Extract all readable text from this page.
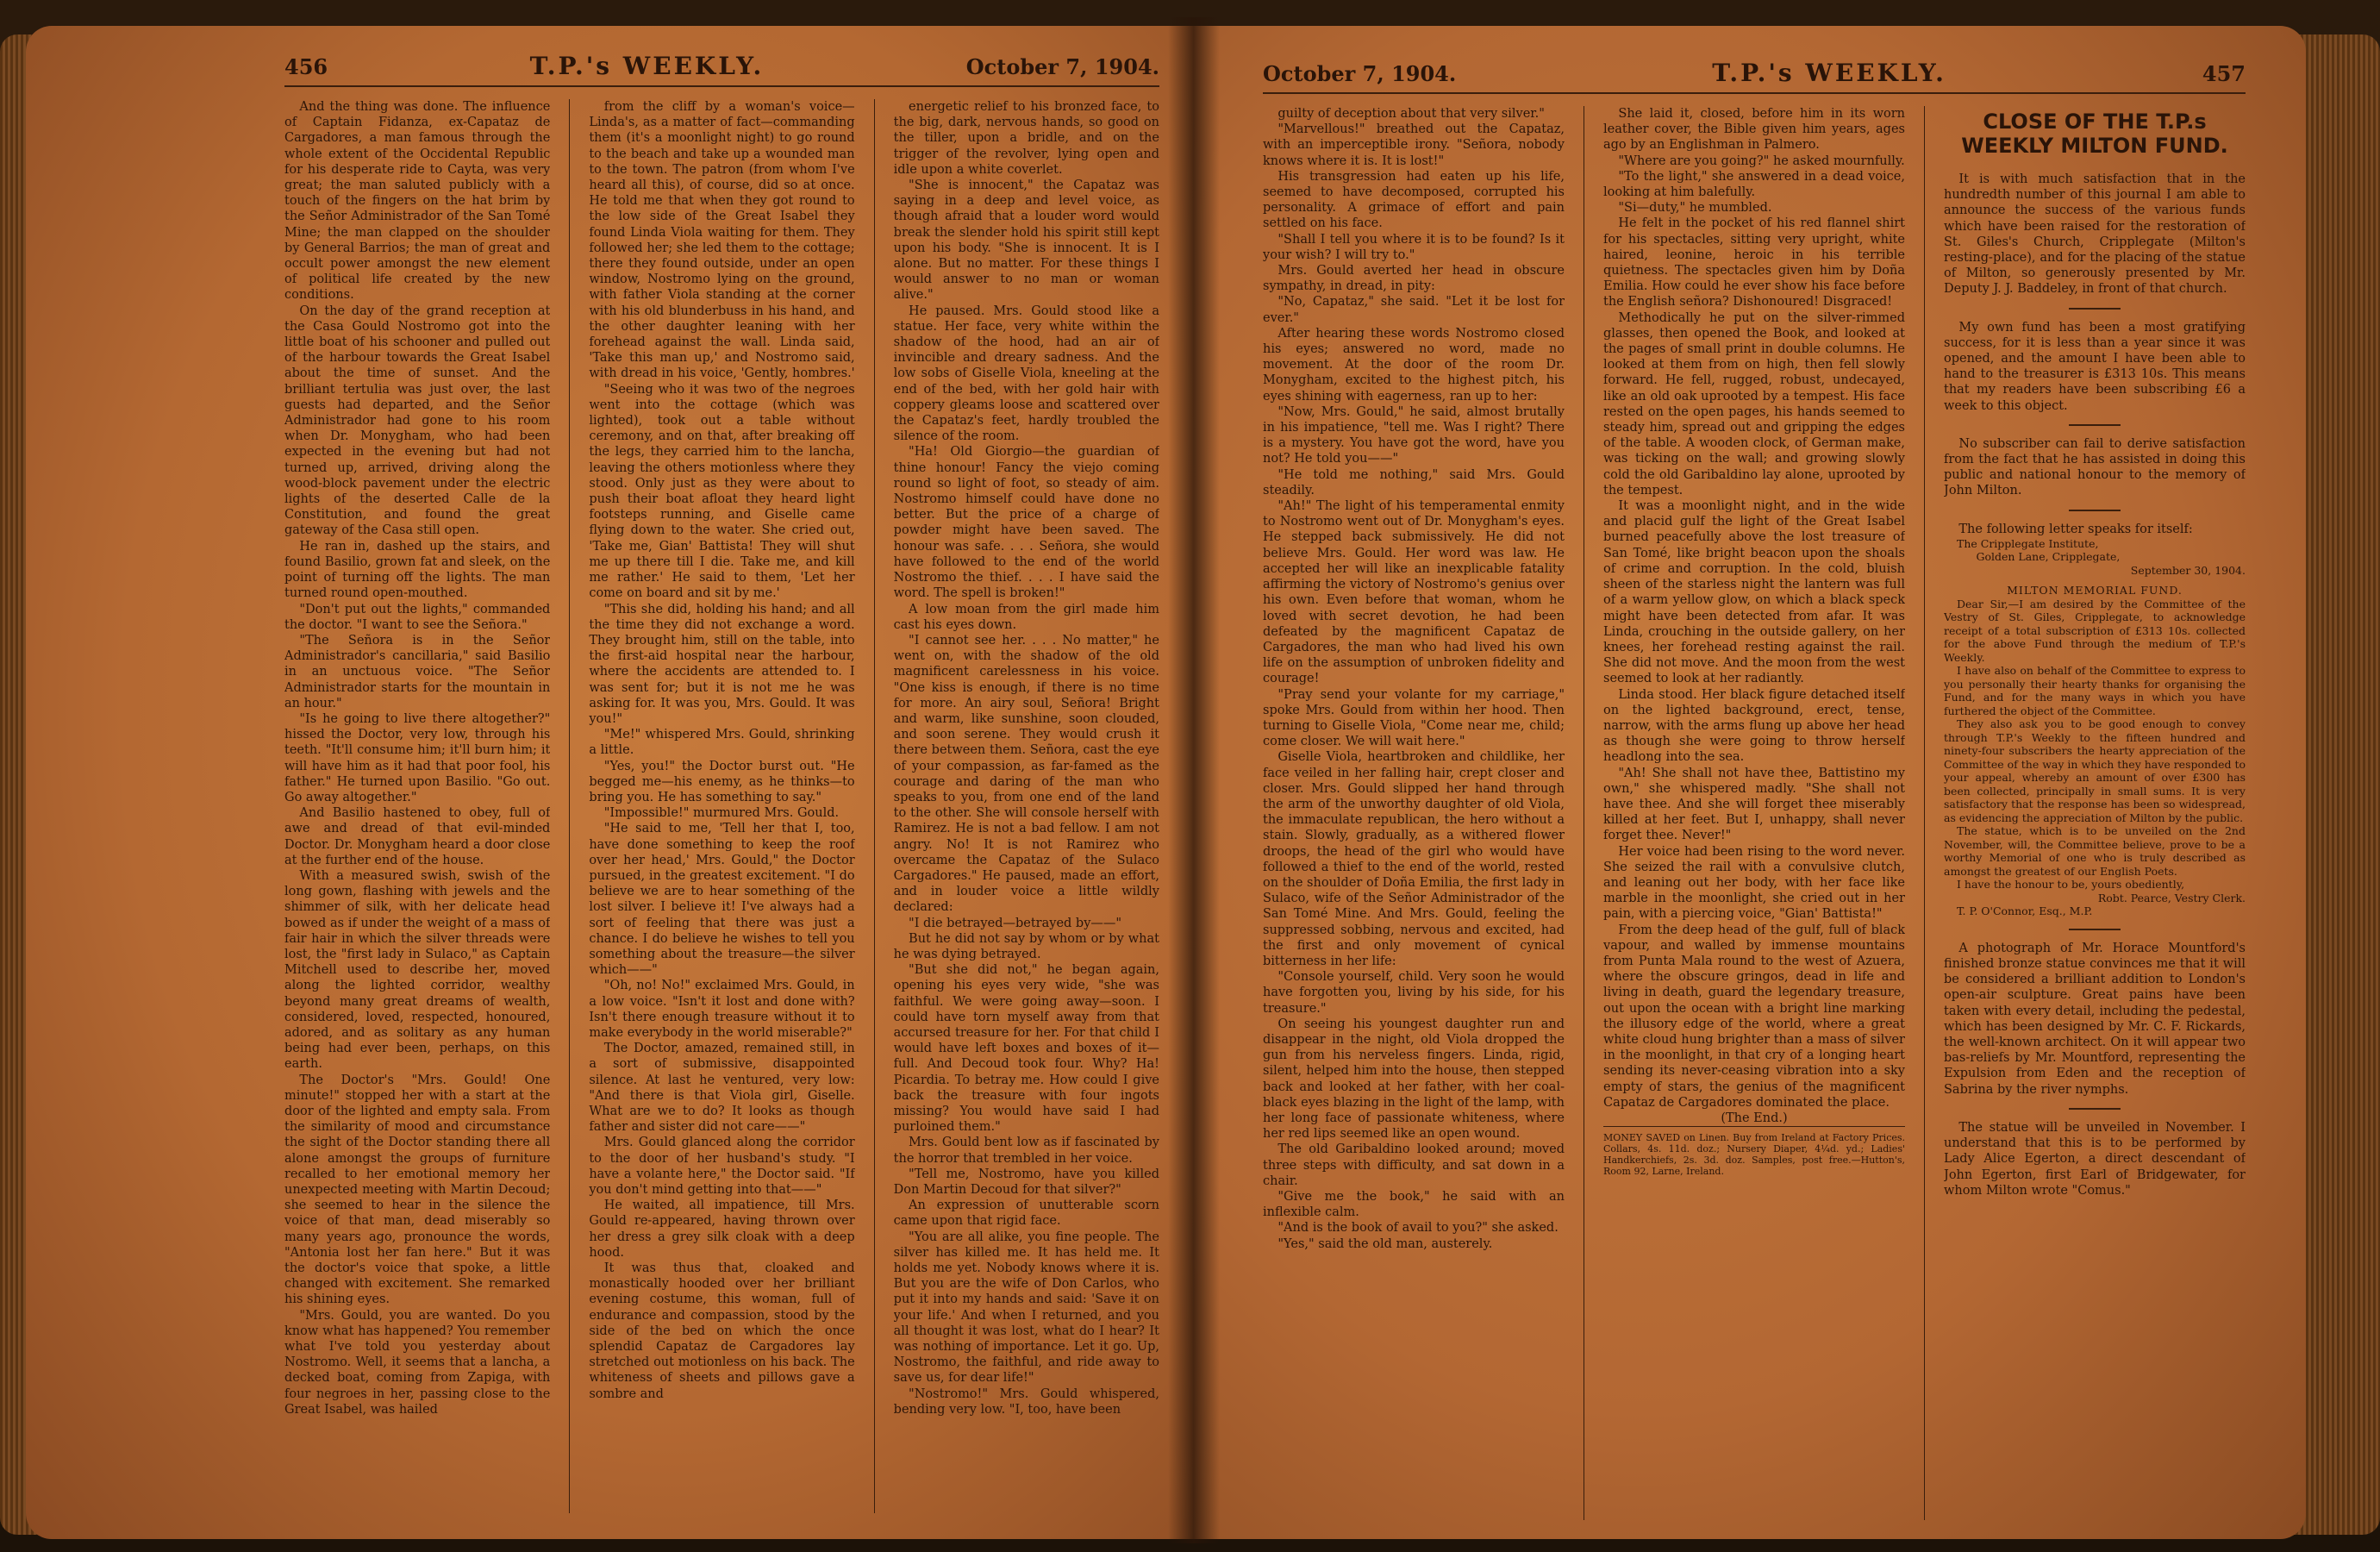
456	T.P.'s WEEKLY.	October 7, 1904.

And the thing was done. The influence of Captain Fidanza, ex-Capataz de Cargadores, a man famous through the whole extent of the Occidental Republic for his desperate ride to Cayta, was very great; the man saluted publicly with a touch of the fingers on the hat brim by the Señor Administrador of the San Tomé Mine; the man clapped on the shoulder by General Barrios; the man of great and occult power amongst the new element of political life created by the new conditions.

On the day of the grand reception at the Casa Gould Nostromo got into the little boat of his schooner and pulled out of the harbour towards the Great Isabel about the time of sunset. And the brilliant tertulia was just over, the last guests had departed, and the Señor Administrador had gone to his room when Dr. Monygham, who had been expected in the evening but had not turned up, arrived, driving along the wood-block pavement under the electric lights of the deserted Calle de la Constitution, and found the great gateway of the Casa still open.

He ran in, dashed up the stairs, and found Basilio, grown fat and sleek, on the point of turning off the lights. The man turned round open-mouthed.

"Don't put out the lights," commanded the doctor. "I want to see the Señora."

"The Señora is in the Señor Administrador's cancillaria," said Basilio in an unctuous voice. "The Señor Administrador starts for the mountain in an hour."

"Is he going to live there altogether?" hissed the Doctor, very low, through his teeth. "It'll consume him; it'll burn him; it will have him as it had that poor fool, his father." He turned upon Basilio. "Go out. Go away altogether."

And Basilio hastened to obey, full of awe and dread of that evil-minded Doctor. Dr. Monygham heard a door close at the further end of the house.

With a measured swish, swish of the long gown, flashing with jewels and the shimmer of silk, with her delicate head bowed as if under the weight of a mass of fair hair in which the silver threads were lost, the "first lady in Sulaco," as Captain Mitchell used to describe her, moved along the lighted corridor, wealthy beyond many great dreams of wealth, considered, loved, respected, honoured, adored, and as solitary as any human being had ever been, perhaps, on this earth.

The Doctor's "Mrs. Gould! One minute!" stopped her with a start at the door of the lighted and empty sala. From the similarity of mood and circumstance the sight of the Doctor standing there all alone amongst the groups of furniture recalled to her emotional memory her unexpected meeting with Martin Decoud; she seemed to hear in the silence the voice of that man, dead miserably so many years ago, pronounce the words, "Antonia lost her fan here." But it was the doctor's voice that spoke, a little changed with excitement. She remarked his shining eyes.

"Mrs. Gould, you are wanted. Do you know what has happened? You remember what I've told you yesterday about Nostromo. Well, it seems that a lancha, a decked boat, coming from Zapiga, with four negroes in her, passing close to the Great Isabel, was hailed

from the cliff by a woman's voice—Linda's, as a matter of fact—commanding them (it's a moonlight night) to go round to the beach and take up a wounded man to the town. The patron (from whom I've heard all this), of course, did so at once. He told me that when they got round to the low side of the Great Isabel they found Linda Viola waiting for them. They followed her; she led them to the cottage; there they found outside, under an open window, Nostromo lying on the ground, with father Viola standing at the corner with his old blunderbuss in his hand, and the other daughter leaning with her forehead against the wall. Linda said, 'Take this man up,' and Nostromo said, with dread in his voice, 'Gently, hombres.'

"Seeing who it was two of the negroes went into the cottage (which was lighted), took out a table without ceremony, and on that, after breaking off the legs, they carried him to the lancha, leaving the others motionless where they stood. Only just as they were about to push their boat afloat they heard light footsteps running, and Giselle came flying down to the water. She cried out, 'Take me, Gian' Battista! They will shut me up there till I die. Take me, and kill me rather.' He said to them, 'Let her come on board and sit by me.'

"This she did, holding his hand; and all the time they did not exchange a word. They brought him, still on the table, into the first-aid hospital near the harbour, where the accidents are attended to. I was sent for; but it is not me he was asking for. It was you, Mrs. Gould. It was you!"

"Me!" whispered Mrs. Gould, shrinking a little.

"Yes, you!" the Doctor burst out. "He begged me—his enemy, as he thinks—to bring you. He has something to say."

"Impossible!" murmured Mrs. Gould.

"He said to me, 'Tell her that I, too, have done something to keep the roof over her head,' Mrs. Gould," the Doctor pursued, in the greatest excitement. "I do believe we are to hear something of the lost silver. I believe it! I've always had a sort of feeling that there was just a chance. I do believe he wishes to tell you something about the treasure—the silver which——"

"Oh, no! No!" exclaimed Mrs. Gould, in a low voice. "Isn't it lost and done with? Isn't there enough treasure without it to make everybody in the world miserable?"

The Doctor, amazed, remained still, in a sort of submissive, disappointed silence. At last he ventured, very low: "And there is that Viola girl, Giselle. What are we to do? It looks as though father and sister did not care——"

Mrs. Gould glanced along the corridor to the door of her husband's study. "I have a volante here," the Doctor said. "If you don't mind getting into that——"

He waited, all impatience, till Mrs. Gould re-appeared, having thrown over her dress a grey silk cloak with a deep hood.

It was thus that, cloaked and monastically hooded over her brilliant evening costume, this woman, full of endurance and compassion, stood by the side of the bed on which the once splendid Capataz de Cargadores lay stretched out motionless on his back. The whiteness of sheets and pillows gave a sombre and

energetic relief to his bronzed face, to the big, dark, nervous hands, so good on the tiller, upon a bridle, and on the trigger of the revolver, lying open and idle upon a white coverlet.

"She is innocent," the Capataz was saying in a deep and level voice, as though afraid that a louder word would break the slender hold his spirit still kept upon his body. "She is innocent. It is I alone. But no matter. For these things I would answer to no man or woman alive."

He paused. Mrs. Gould stood like a statue. Her face, very white within the shadow of the hood, had an air of invincible and dreary sadness. And the low sobs of Giselle Viola, kneeling at the end of the bed, with her gold hair with coppery gleams loose and scattered over the Capataz's feet, hardly troubled the silence of the room.

"Ha! Old Giorgio—the guardian of thine honour! Fancy the viejo coming round so light of foot, so steady of aim. Nostromo himself could have done no better. But the price of a charge of powder might have been saved. The honour was safe. . . . Señora, she would have followed to the end of the world Nostromo the thief. . . . I have said the word. The spell is broken!"

A low moan from the girl made him cast his eyes down.

"I cannot see her. . . . No matter," he went on, with the shadow of the old magnificent carelessness in his voice. "One kiss is enough, if there is no time for more. An airy soul, Señora! Bright and warm, like sunshine, soon clouded, and soon serene. They would crush it there between them. Señora, cast the eye of your compassion, as far-famed as the courage and daring of the man who speaks to you, from one end of the land to the other. She will console herself with Ramirez. He is not a bad fellow. I am not angry. No! It is not Ramirez who overcame the Capataz of the Sulaco Cargadores." He paused, made an effort, and in louder voice a little wildly declared:

"I die betrayed—betrayed by——"

But he did not say by whom or by what he was dying betrayed.

"But she did not," he began again, opening his eyes very wide, "she was faithful. We were going away—soon. I could have torn myself away from that accursed treasure for her. For that child I would have left boxes and boxes of it—full. And Decoud took four. Why? Ha! Picardia. To betray me. How could I give back the treasure with four ingots missing? You would have said I had purloined them."

Mrs. Gould bent low as if fascinated by the horror that trembled in her voice.

"Tell me, Nostromo, have you killed Don Martin Decoud for that silver?"

An expression of unutterable scorn came upon that rigid face.

"You are all alike, you fine people. The silver has killed me. It has held me. It holds me yet. Nobody knows where it is. But you are the wife of Don Carlos, who put it into my hands and said: 'Save it on your life.' And when I returned, and you all thought it was lost, what do I hear? It was nothing of importance. Let it go. Up, Nostromo, the faithful, and ride away to save us, for dear life!"

"Nostromo!" Mrs. Gould whispered, bending very low. "I, too, have been

October 7, 1904.	T.P.'s WEEKLY.	457

guilty of deception about that very silver."

"Marvellous!" breathed out the Capataz, with an imperceptible irony. "Señora, nobody knows where it is. It is lost!"

His transgression had eaten up his life, seemed to have decomposed, corrupted his personality. A grimace of effort and pain settled on his face.

"Shall I tell you where it is to be found? Is it your wish? I will try to."

Mrs. Gould averted her head in obscure sympathy, in dread, in pity:

"No, Capataz," she said. "Let it be lost for ever."

After hearing these words Nostromo closed his eyes; answered no word, made no movement. At the door of the room Dr. Monygham, excited to the highest pitch, his eyes shining with eagerness, ran up to her:

"Now, Mrs. Gould," he said, almost brutally in his impatience, "tell me. Was I right? There is a mystery. You have got the word, have you not? He told you——"

"He told me nothing," said Mrs. Gould steadily.

"Ah!" The light of his temperamental enmity to Nostromo went out of Dr. Monygham's eyes. He stepped back submissively. He did not believe Mrs. Gould. Her word was law. He accepted her will like an inexplicable fatality affirming the victory of Nostromo's genius over his own. Even before that woman, whom he loved with secret devotion, he had been defeated by the magnificent Capataz de Cargadores, the man who had lived his own life on the assumption of unbroken fidelity and courage!

"Pray send your volante for my carriage," spoke Mrs. Gould from within her hood. Then turning to Giselle Viola, "Come near me, child; come closer. We will wait here."

Giselle Viola, heartbroken and childlike, her face veiled in her falling hair, crept closer and closer. Mrs. Gould slipped her hand through the arm of the unworthy daughter of old Viola, the immaculate republican, the hero without a stain. Slowly, gradually, as a withered flower droops, the head of the girl who would have followed a thief to the end of the world, rested on the shoulder of Doña Emilia, the first lady in Sulaco, wife of the Señor Administrador of the San Tomé Mine. And Mrs. Gould, feeling the suppressed sobbing, nervous and excited, had the first and only movement of cynical bitterness in her life:

"Console yourself, child. Very soon he would have forgotten you, living by his side, for his treasure."

On seeing his youngest daughter run and disappear in the night, old Viola dropped the gun from his nerveless fingers. Linda, rigid, silent, helped him into the house, then stepped back and looked at her father, with her coal-black eyes blazing in the light of the lamp, with her long face of passionate whiteness, where her red lips seemed like an open wound.

The old Garibaldino looked around; moved three steps with difficulty, and sat down in a chair.

"Give me the book," he said with an inflexible calm.

"And is the book of avail to you?" she asked.

"Yes," said the old man, austerely.

She laid it, closed, before him in its worn leather cover, the Bible given him years, ages ago by an Englishman in Palmero.

"Where are you going?" he asked mournfully.

"To the light," she answered in a dead voice, looking at him balefully.

"Si—duty," he mumbled.

He felt in the pocket of his red flannel shirt for his spectacles, sitting very upright, white haired, leonine, heroic in his terrible quietness. The spectacles given him by Doña Emilia. How could he ever show his face before the English señora? Dishonoured! Disgraced!

Methodically he put on the silver-rimmed glasses, then opened the Book, and looked at the pages of small print in double columns. He looked at them from on high, then fell slowly forward. He fell, rugged, robust, undecayed, like an old oak uprooted by a tempest. His face rested on the open pages, his hands seemed to steady him, spread out and gripping the edges of the table. A wooden clock, of German make, was ticking on the wall; and growing slowly cold the old Garibaldino lay alone, uprooted by the tempest.

It was a moonlight night, and in the wide and placid gulf the light of the Great Isabel burned peacefully above the lost treasure of San Tomé, like bright beacon upon the shoals of crime and corruption. In the cold, bluish sheen of the starless night the lantern was full of a warm yellow glow, on which a black speck might have been detected from afar. It was Linda, crouching in the outside gallery, on her knees, her forehead resting against the rail. She did not move. And the moon from the west seemed to look at her radiantly.

Linda stood. Her black figure detached itself on the lighted background, erect, tense, narrow, with the arms flung up above her head as though she were going to throw herself headlong into the sea.

"Ah! She shall not have thee, Battistino my own," she whispered madly. "She shall not have thee. And she will forget thee miserably killed at her feet. But I, unhappy, shall never forget thee. Never!"

Her voice had been rising to the word never. She seized the rail with a convulsive clutch, and leaning out her body, with her face like marble in the moonlight, she cried out in her pain, with a piercing voice, "Gian' Battista!"

From the deep head of the gulf, full of black vapour, and walled by immense mountains from Punta Mala round to the west of Azuera, where the obscure gringos, dead in life and living in death, guard the legendary treasure, out upon the ocean with a bright line marking the illusory edge of the world, where a great white cloud hung brighter than a mass of silver in the moonlight, in that cry of a longing heart sending its never-ceasing vibration into a sky empty of stars, the genius of the magnificent Capataz de Cargadores dominated the place.

(The End.)

MONEY SAVED on Linen. Buy from Ireland at Factory Prices. Collars, 4s. 11d. doz.; Nursery Diaper, 4¼d. yd.; Ladies' Handkerchiefs, 2s. 3d. doz. Samples, post free.—Hutton's, Room 92, Larne, Ireland.

CLOSE OF THE T.P.s WEEKLY MILTON FUND.

It is with much satisfaction that in the hundredth number of this journal I am able to announce the success of the various funds which have been raised for the restoration of St. Giles's Church, Cripplegate (Milton's resting-place), and for the placing of the statue of Milton, so generously presented by Mr. Deputy J. J. Baddeley, in front of that church.

My own fund has been a most gratifying success, for it is less than a year since it was opened, and the amount I have been able to hand to the treasurer is £313 10s. This means that my readers have been subscribing £6 a week to this object.

No subscriber can fail to derive satisfaction from the fact that he has assisted in doing this public and national honour to the memory of John Milton.

The following letter speaks for itself:

The Cripplegate Institute,

Golden Lane, Cripplegate,

September 30, 1904.

MILTON MEMORIAL FUND.

Dear Sir,—I am desired by the Committee of the Vestry of St. Giles, Cripplegate, to acknowledge receipt of a total subscription of £313 10s. collected for the above Fund through the medium of T.P.'s Weekly.

I have also on behalf of the Committee to express to you personally their hearty thanks for organising the Fund, and for the many ways in which you have furthered the object of the Committee.

They also ask you to be good enough to convey through T.P.'s Weekly to the fifteen hundred and ninety-four subscribers the hearty appreciation of the Committee of the way in which they have responded to your appeal, whereby an amount of over £300 has been collected, principally in small sums. It is very satisfactory that the response has been so widespread, as evidencing the appreciation of Milton by the public.

The statue, which is to be unveiled on the 2nd November, will, the Committee believe, prove to be a worthy Memorial of one who is truly described as amongst the greatest of our English Poets.

I have the honour to be, yours obediently,

Robt. Pearce, Vestry Clerk.

T. P. O'Connor, Esq., M.P.

A photograph of Mr. Horace Mountford's finished bronze statue convinces me that it will be considered a brilliant addition to London's open-air sculpture. Great pains have been taken with every detail, including the pedestal, which has been designed by Mr. C. F. Rickards, the well-known architect. On it will appear two bas-reliefs by Mr. Mountford, representing the Expulsion from Eden and the reception of Sabrina by the river nymphs.

The statue will be unveiled in November. I understand that this is to be performed by Lady Alice Egerton, a direct descendant of John Egerton, first Earl of Bridgewater, for whom Milton wrote "Comus."
